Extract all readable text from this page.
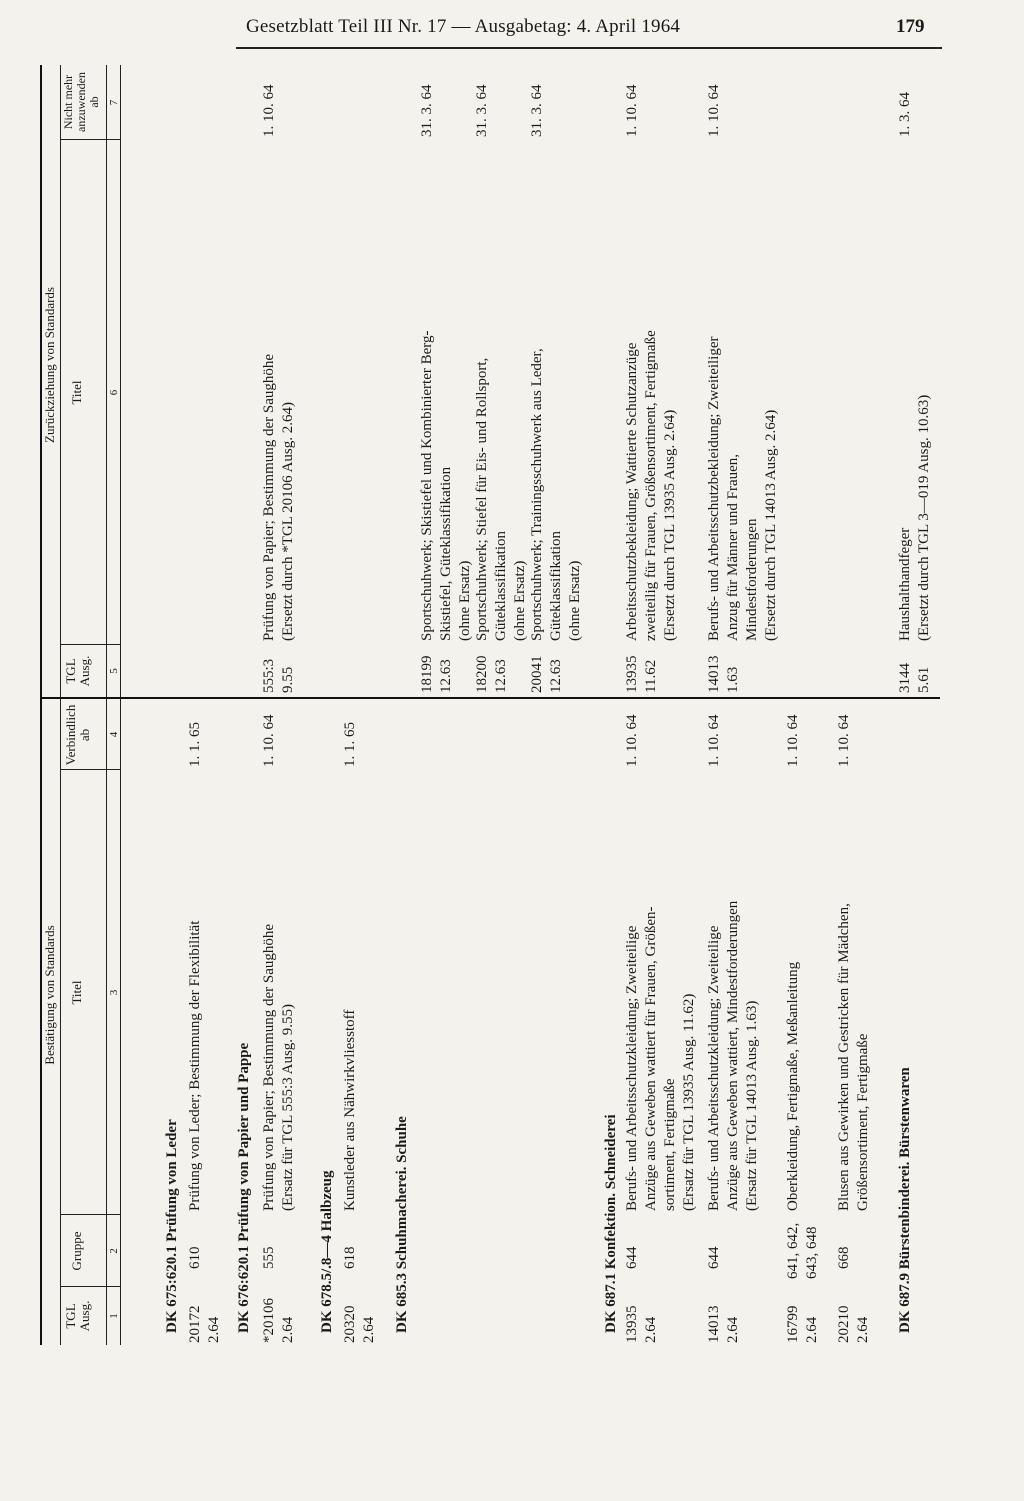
Gesetzblatt Teil III Nr. 17 — Ausgabetag: 4. April 1964	179
Bestätigung von Standards
TGL Ausg.
Gruppe
Titel
Verbindlich ab
1
2
3
4
Zurückziehung von Standards
TGL Ausg.
Titel
Nicht mehr anzuwenden ab
5
6
7
DK 675:620.1 Prüfung von Leder 20172 2.64
610
Prüfung von Leder; Bestimmung der Flexibilität
1. 1. 65
DK 676:620.1 Prüfung von Papier und Pappe *20106 2.64
555
Prüfung von Papier; Bestimmung der Saughöhe (Ersatz für TGL 555:3 Ausg. 9.55)
1. 10. 64
DK 678.5/.8—4 Halbzeug 20320 2.64
618
Kunstleder aus Nähwirkvliesstoff
1. 1. 65
DK 685.3 Schuhmacherei. Schuhe	DK 687.1 Konfektion. Schneiderei 13935 2.64
644
Berufs- und Arbeitsschutzkleidung; Zweiteilige Anzüge aus Geweben wattiert für Frauen, Größen- sortiment, Fertigmaße (Ersatz für TGL 13935 Ausg. 11.62)
1. 10. 64
14013 2.64
644
Berufs- und Arbeitsschutzkleidung; Zweiteilige Anzüge aus Geweben wattiert, Mindestforderungen (Ersatz für TGL 14013 Ausg. 1.63)
1. 10. 64
16799 2.64
641, 642, 643, 648
Oberkleidung, Fertigmaße, Meßanleitung
1. 10. 64
20210 2.64
668
Blusen aus Gewirken und Gestricken für Mädchen, Größensortiment, Fertigmaße
1. 10. 64
DK 687.9 Bürstenbinderei. Bürstenwaren
555:3 9.55
Prüfung von Papier; Bestimmung der Saughöhe (Ersetzt durch *TGL 20106 Ausg. 2.64)
1. 10. 64
18199 12.63
Sportschuhwerk; Skistiefel und Kombinierter Berg- Skistiefel, Güteklassifikation (ohne Ersatz)
31. 3. 64
18200 12.63
Sportschuhwerk; Stiefel für Eis- und Rollsport, Güteklassifikation (ohne Ersatz)
31. 3. 64
20041 12.63
Sportschuhwerk; Trainingsschuhwerk aus Leder, Güteklassifikation (ohne Ersatz)
31. 3. 64
13935 11.62
Arbeitsschutzbekleidung; Wattierte Schutzanzüge zweiteilig für Frauen, Größensortiment, Fertigmaße (Ersetzt durch TGL 13935 Ausg. 2.64)
1. 10. 64
14013 1.63
Berufs- und Arbeitsschutzbekleidung; Zweiteiliger Anzug für Männer und Frauen, Mindestforderungen (Ersetzt durch TGL 14013 Ausg. 2.64)
1. 10. 64
3144 5.61
Haushalthandfeger (Ersetzt durch TGL 3—019 Ausg. 10.63)
1. 3. 64
